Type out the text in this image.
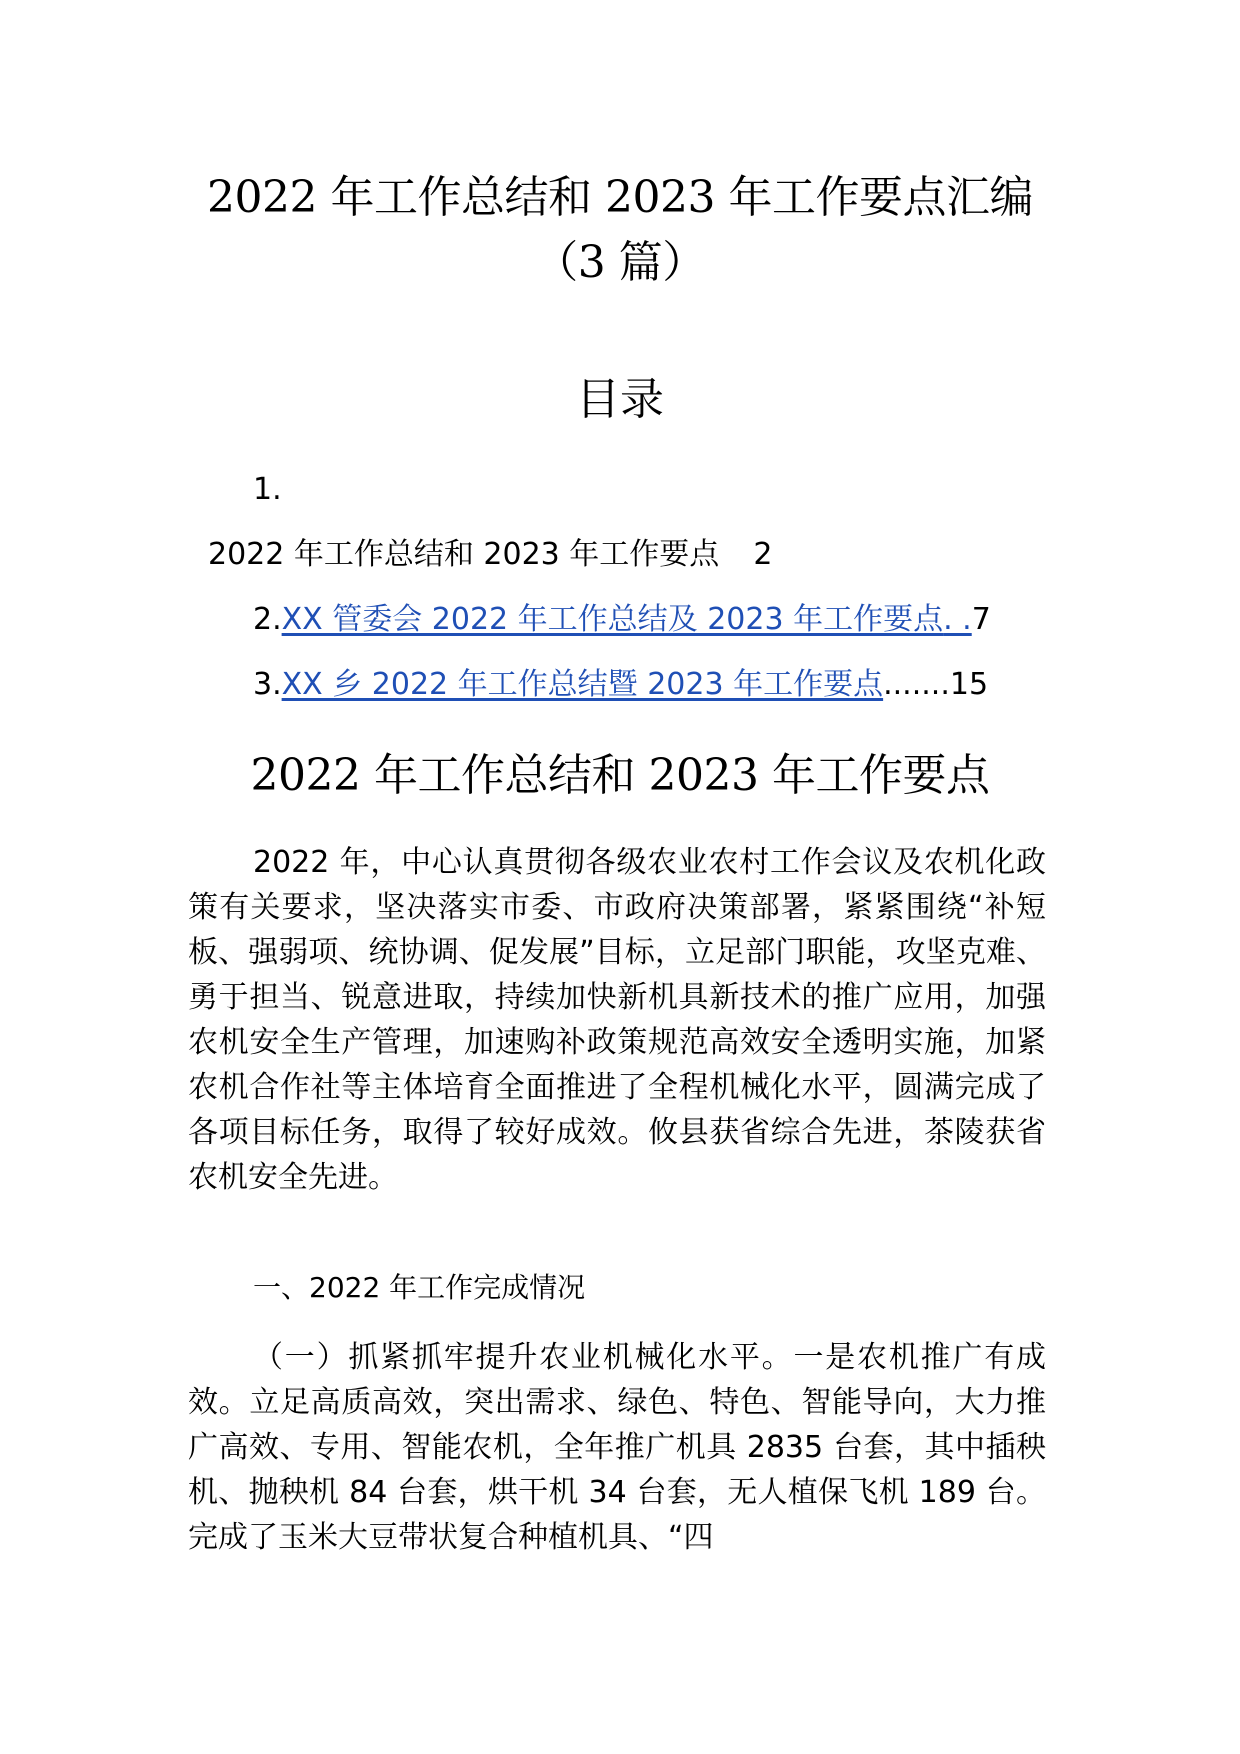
2022 年工作总结和 2023 年工作要点汇编
（3 篇）
目录
1.
2022 年工作总结和 2023 年工作要点 2
2.XX 管委会 2022 年工作总结及 2023 年工作要点. .7
3.XX 乡 2022 年工作总结暨 2023 年工作要点.......15
2022 年工作总结和 2023 年工作要点

2022 年，中心认真贯彻各级农业农村工作会议及农机化政策有关要求，坚决落实市委、市政府决策部署，紧紧围绕“补短板、强弱项、统协调、促发展”目标，立足部门职能，攻坚克难、勇于担当、锐意进取，持续加快新机具新技术的推广应用，加强农机安全生产管理，加速购补政策规范高效安全透明实施，加紧农机合作社等主体培育全面推进了全程机械化水平，圆满完成了各项目标任务，取得了较好成效。攸县获省综合先进，茶陵获省农机安全先进。

一、2022 年工作完成情况

（一）抓紧抓牢提升农业机械化水平。一是农机推广有成效。立足高质高效，突出需求、绿色、特色、智能导向，大力推广高效、专用、智能农机，全年推广机具 2835 台套，其中插秧机、抛秧机 84 台套，烘干机 34 台套，无人植保飞机 189 台。完成了玉米大豆带状复合种植机具、“四
